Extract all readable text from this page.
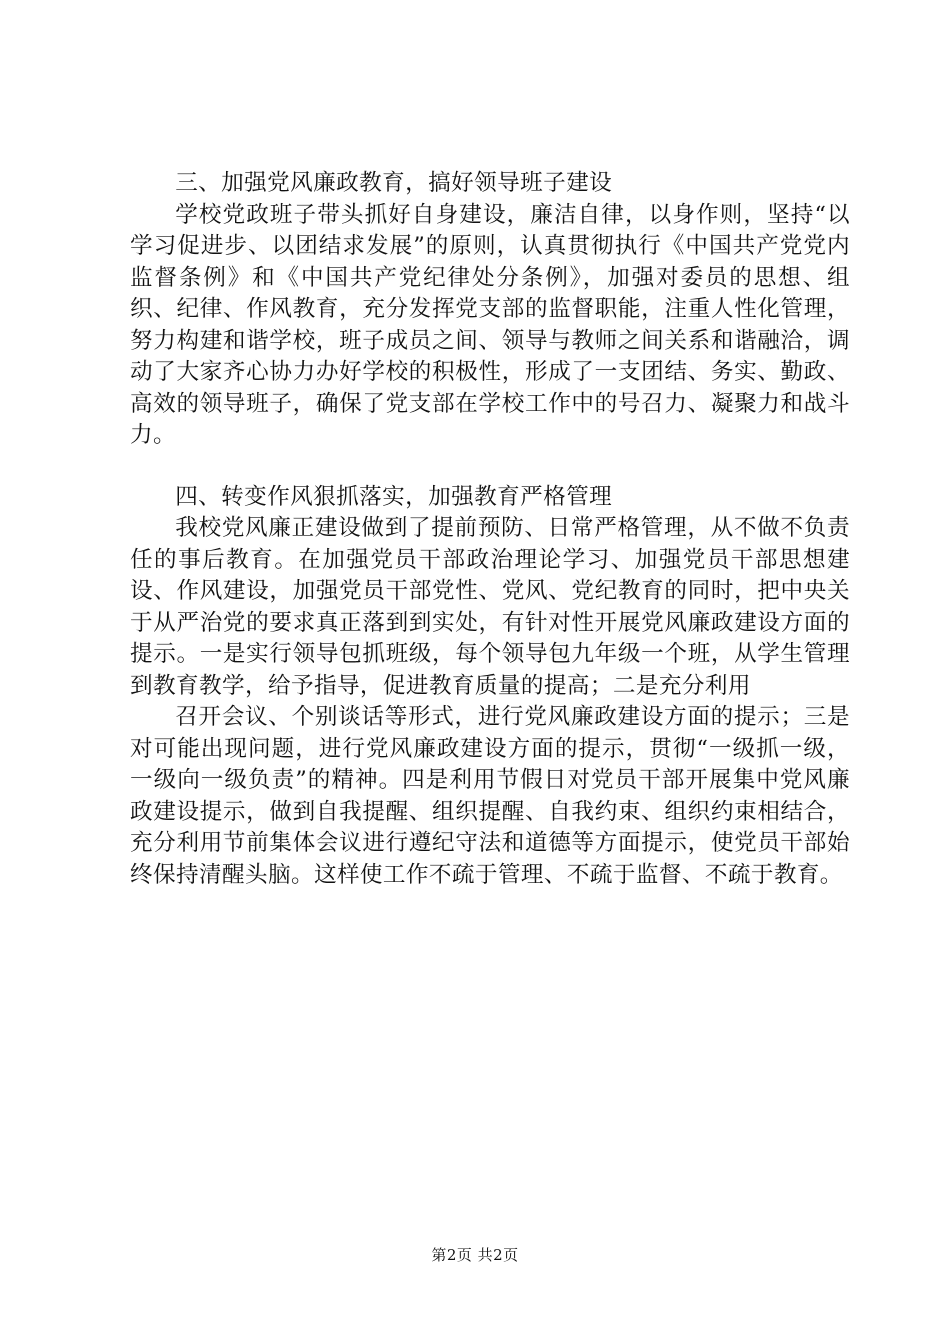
三、加强党风廉政教育，搞好领导班子建设

学校党政班子带头抓好自身建设，廉洁自律，以身作则，坚持“以学习促进步、以团结求发展”的原则，认真贯彻执行《中国共产党党内监督条例》和《中国共产党纪律处分条例》，加强对委员的思想、组织、纪律、作风教育，充分发挥党支部的监督职能，注重人性化管理，努力构建和谐学校，班子成员之间、领导与教师之间关系和谐融洽，调动了大家齐心协力办好学校的积极性，形成了一支团结、务实、勤政、高效的领导班子，确保了党支部在学校工作中的号召力、凝聚力和战斗力。

四、转变作风狠抓落实，加强教育严格管理

我校党风廉正建设做到了提前预防、日常严格管理，从不做不负责任的事后教育。在加强党员干部政治理论学习、加强党员干部思想建设、作风建设，加强党员干部党性、党风、党纪教育的同时，把中央关于从严治党的要求真正落到到实处，有针对性开展党风廉政建设方面的提示。一是实行领导包抓班级，每个领导包九年级一个班，从学生管理到教育教学，给予指导，促进教育质量的提高；二是充分利用

召开会议、个别谈话等形式，进行党风廉政建设方面的提示；三是对可能出现问题，进行党风廉政建设方面的提示，贯彻“一级抓一级，一级向一级负责”的精神。四是利用节假日对党员干部开展集中党风廉政建设提示，做到自我提醒、组织提醒、自我约束、组织约束相结合，充分利用节前集体会议进行遵纪守法和道德等方面提示，使党员干部始终保持清醒头脑。这样使工作不疏于管理、不疏于监督、不疏于教育。

第2页 共2页
